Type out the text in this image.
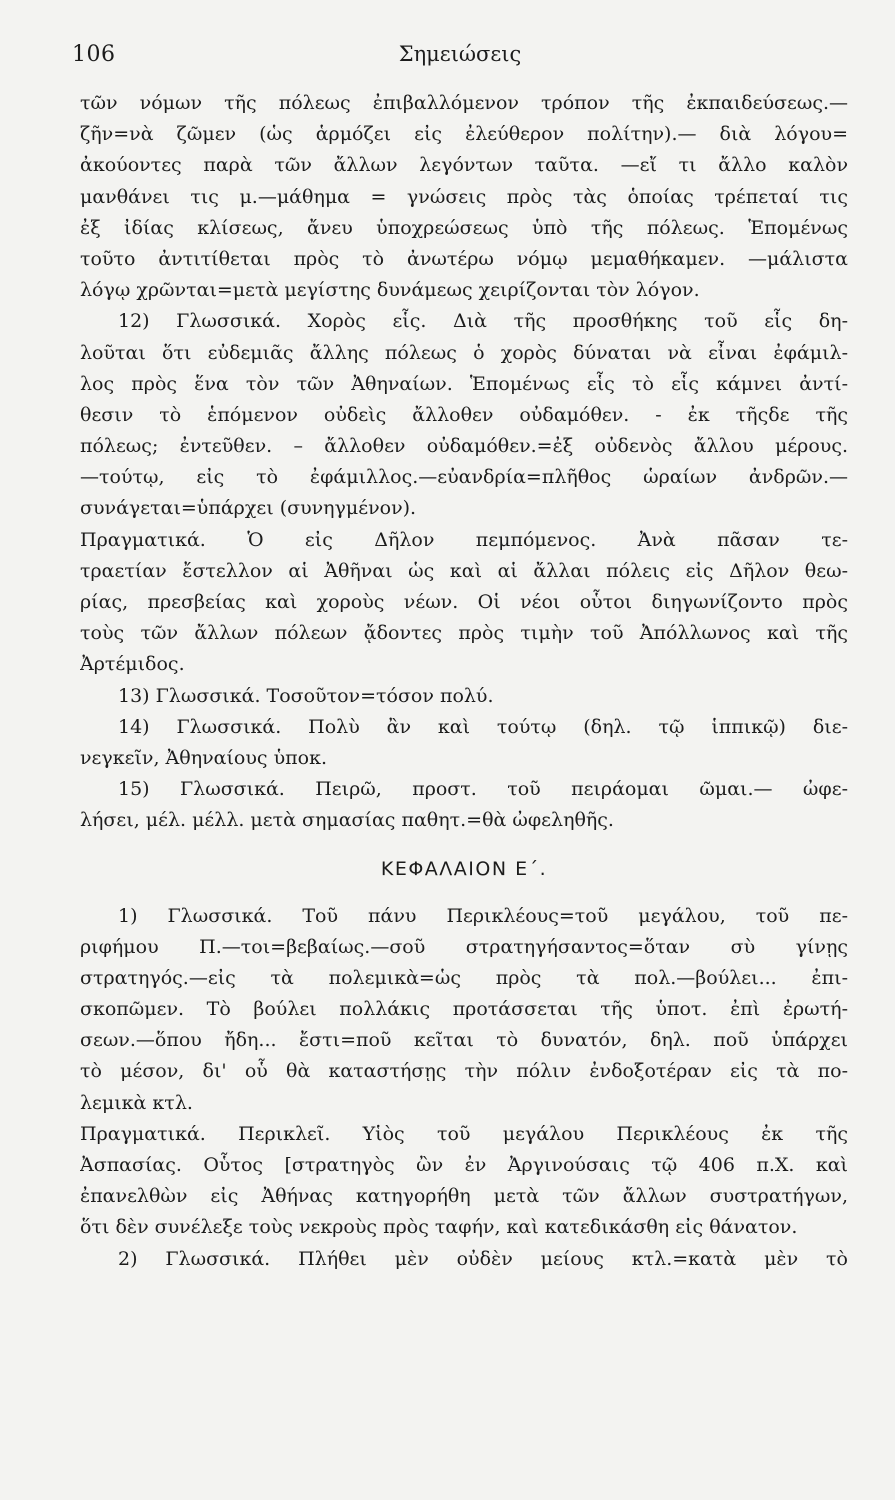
106	Σημειώσεις
τῶν νόμων τῆς πόλεως ἐπιβαλλόμενον τρόπον τῆς ἐκπαιδεύσεως.—
ζῆν=νὰ ζῶμεν (ὡς ἁρμόζει εἰς ἐλεύθερον πολίτην).— διὰ λόγου=
ἀκούοντες παρὰ τῶν ἄλλων λεγόντων ταῦτα. —εἴ τι ἄλλο καλὸν
μανθάνει τις μ.—μάθημα = γνώσεις πρὸς τὰς ὁποίας τρέπεταί τις
ἐξ ἰδίας κλίσεως, ἄνευ ὑποχρεώσεως ὑπὸ τῆς πόλεως. Ἑπομένως
τοῦτο ἀντιτίθεται πρὸς τὸ ἀνωτέρω νόμῳ μεμαθήκαμεν. —μάλιστα
λόγῳ χρῶνται=μετὰ μεγίστης δυνάμεως χειρίζονται τὸν λόγον.
12) Γλωσσικά. Χορὸς εἷς. Διὰ τῆς προσθήκης τοῦ εἷς δη-
λοῦται ὅτι εὐδεμιᾶς ἄλλης πόλεως ὁ χορὸς δύναται νὰ εἶναι ἐφάμιλ-
λος πρὸς ἕνα τὸν τῶν Ἀθηναίων. Ἑπομένως εἷς τὸ εἷς κάμνει ἀντί-
θεσιν τὸ ἑπόμενον οὐδεὶς ἄλλοθεν οὐδαμόθεν. - ἐκ τῆςδε τῆς
πόλεως; ἐντεῦθεν. – ἄλλοθεν οὐδαμόθεν.=ἐξ οὐδενὸς ἄλλου μέρους.
—τούτῳ, εἰς τὸ ἐφάμιλλος.—εὐανδρία=πλῆθος ὡραίων ἀνδρῶν.—
συνάγεται=ὑπάρχει (συνηγμένον).
Πραγματικά. Ὁ εἰς Δῆλον πεμπόμενος. Ἀνὰ πᾶσαν τε-
τραετίαν ἔστελλον αἱ Ἀθῆναι ὡς καὶ αἱ ἄλλαι πόλεις εἰς Δῆλον θεω-
ρίας, πρεσβείας καὶ χοροὺς νέων. Οἱ νέοι οὗτοι διηγωνίζοντο πρὸς
τοὺς τῶν ἄλλων πόλεων ᾄδοντες πρὸς τιμὴν τοῦ Ἀπόλλωνος καὶ τῆς
Ἀρτέμιδος.
13) Γλωσσικά. Τοσοῦτον=τόσον πολύ.
14) Γλωσσικά. Πολὺ ἂν καὶ τούτῳ (δηλ. τῷ ἱππικῷ) διε-
νεγκεῖν, Ἀθηναίους ὑποκ.
15) Γλωσσικά. Πειρῶ, προστ. τοῦ πειράομαι ῶμαι.— ὠφε-
λήσει, μέλ. μέλλ. μετὰ σημασίας παθητ.=θὰ ὠφεληθῆς.
ΚΕΦΑΛΑΙΟΝ Ε΄.
1) Γλωσσικά. Τοῦ πάνυ Περικλέους=τοῦ μεγάλου, τοῦ πε-
ριφήμου Π.—τοι=βεβαίως.—σοῦ στρατηγήσαντος=ὅταν σὺ γίνῃς
στρατηγός.—εἰς τὰ πολεμικὰ=ὡς πρὸς τὰ πολ.—βούλει... ἐπι-
σκοπῶμεν. Τὸ βούλει πολλάκις προτάσσεται τῆς ὑποτ. ἐπὶ ἐρωτή-
σεων.—ὅπου ἤδη... ἔστι=ποῦ κεῖται τὸ δυνατόν, δηλ. ποῦ ὑπάρχει
τὸ μέσον, δι' οὗ θὰ καταστήσῃς τὴν πόλιν ἐνδοξοτέραν εἰς τὰ πο-
λεμικὰ κτλ.
Πραγματικά. Περικλεῖ. Υἱὸς τοῦ μεγάλου Περικλέους ἐκ τῆς
Ἀσπασίας. Οὗτος [στρατηγὸς ὢν ἐν Ἀργινούσαις τῷ 406 π.Χ. καὶ
ἐπανελθὼν εἰς Ἀθήνας κατηγορήθη μετὰ τῶν ἄλλων συστρατήγων,
ὅτι δὲν συνέλεξε τοὺς νεκροὺς πρὸς ταφήν, καὶ κατεδικάσθη εἰς θάνατον.
2) Γλωσσικά. Πλήθει μὲν οὐδὲν μείους κτλ.=κατὰ μὲν τὸ
